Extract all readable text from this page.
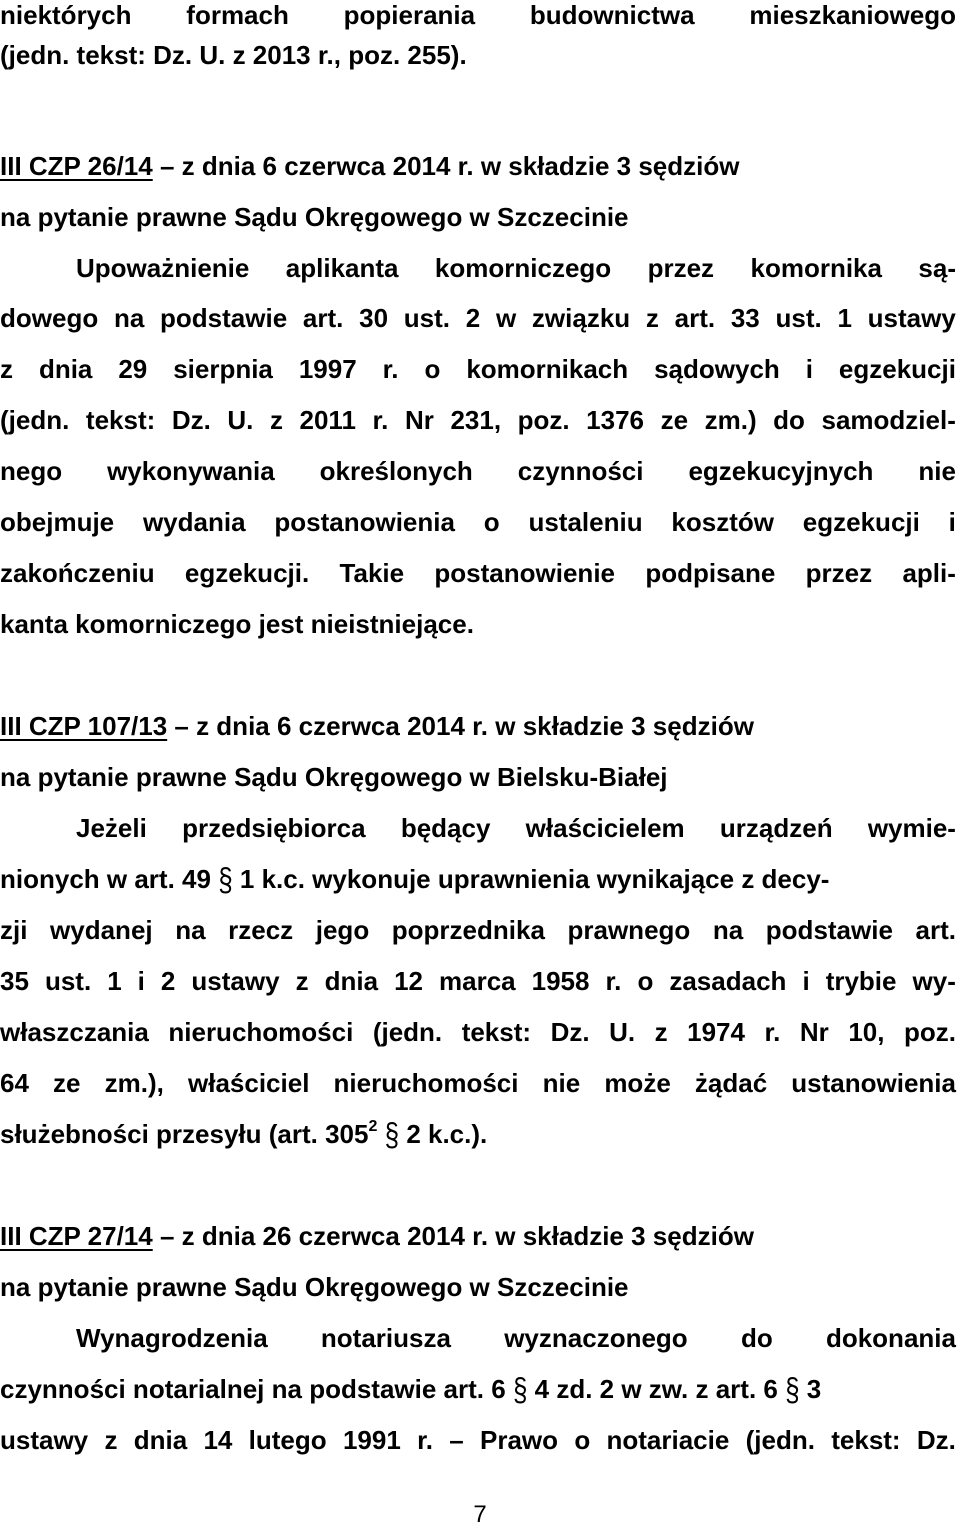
niektórych formach popierania budownictwa mieszkaniowego
(jedn. tekst: Dz. U. z 2013 r., poz. 255).
III CZP 26/14 – z dnia 6 czerwca 2014 r. w składzie 3 sędziów
na pytanie prawne Sądu Okręgowego w Szczecinie
Upoważnienie aplikanta komorniczego przez komornika są-
dowego na podstawie art. 30 ust. 2 w związku z art. 33 ust. 1 ustawy
z dnia 29 sierpnia 1997 r. o komornikach sądowych i egzekucji
(jedn. tekst: Dz. U. z 2011 r. Nr 231, poz. 1376 ze zm.) do samodziel-
nego wykonywania określonych czynności egzekucyjnych nie
obejmuje wydania postanowienia o ustaleniu kosztów egzekucji i
zakończeniu egzekucji. Takie postanowienie podpisane przez apli-
kanta komorniczego jest nieistniejące.
III CZP 107/13 – z dnia 6 czerwca 2014 r. w składzie 3 sędziów
na pytanie prawne Sądu Okręgowego w Bielsku-Białej
Jeżeli przedsiębiorca będący właścicielem urządzeń wymie-
nionych w art. 49 § 1 k.c. wykonuje uprawnienia wynikające z decy-
zji wydanej na rzecz jego poprzednika prawnego na podstawie art.
35 ust. 1 i 2 ustawy z dnia 12 marca 1958 r. o zasadach i trybie wy-
właszczania nieruchomości (jedn. tekst: Dz. U. z 1974 r. Nr 10, poz.
64 ze zm.), właściciel nieruchomości nie może żądać ustanowienia
służebności przesyłu (art. $305^2$ § 2 k.c.).
III CZP 27/14 – z dnia 26 czerwca 2014 r. w składzie 3 sędziów
na pytanie prawne Sądu Okręgowego w Szczecinie
Wynagrodzenia notariusza wyznaczonego do dokonania
czynności notarialnej na podstawie art. 6 § 4 zd. 2 w zw. z art. 6 § 3
ustawy z dnia 14 lutego 1991 r. – Prawo o notariacie (jedn. tekst: Dz.
7
